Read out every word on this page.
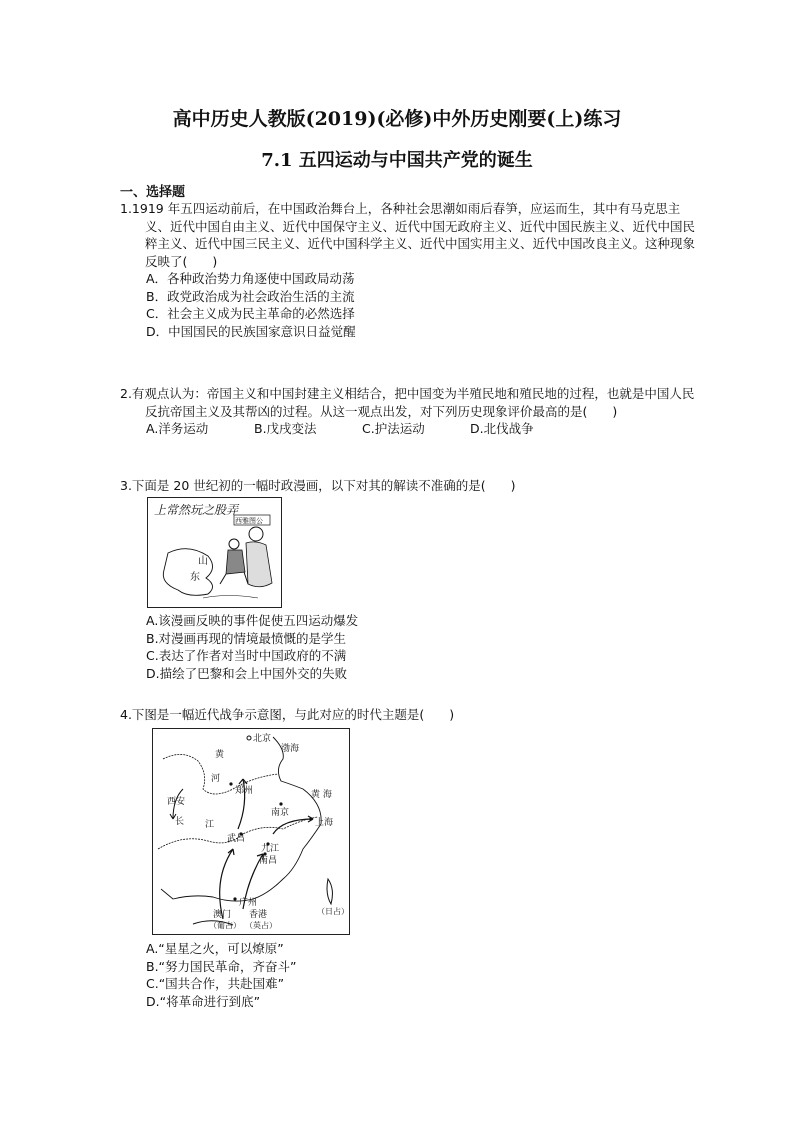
高中历史人教版(2019)(必修)中外历史刚要(上)练习
7.1 五四运动与中国共产党的诞生
一、选择题
1.1919 年五四运动前后，在中国政治舞台上，各种社会思潮如雨后春笋，应运而生，其中有马克思主义、近代中国自由主义、近代中国保守主义、近代中国无政府主义、近代中国民族主义、近代中国民粹主义、近代中国三民主义、近代中国科学主义、近代中国实用主义、近代中国改良主义。这种现象反映了(　　)
A．各种政治势力角逐使中国政局动荡
B．政党政治成为社会政治生活的主流
C．社会主义成为民主革命的必然选择
D．中国国民的民族国家意识日益觉醒
2.有观点认为：帝国主义和中国封建主义相结合，把中国变为半殖民地和殖民地的过程，也就是中国人民反抗帝国主义及其帮凶的过程。从这一观点出发，对下列历史现象评价最高的是(　　)
A.洋务运动	B.戊戌变法	C.护法运动	D.北伐战争
3.下面是 20 世纪初的一幅时政漫画，以下对其的解读不准确的是(　　)
上常然玩之股弄
西雅图公
山
东
A.该漫画反映的事件促使五四运动爆发
B.对漫画再现的情境最愤慨的是学生
C.表达了作者对当时中国政府的不满
D.描绘了巴黎和会上中国外交的失败
4.下图是一幅近代战争示意图，与此对应的时代主题是(　　)
北京
渤海
黄
河
黄 海
西安
郑州
南京
上海
长 江
武昌
九江
南昌
广州
澳门 香港
（葡占） （英占）
（日占）
A.“星星之火，可以燎原”
B.“努力国民革命，齐奋斗”
C.“国共合作，共赴国难”
D.“将革命进行到底”
